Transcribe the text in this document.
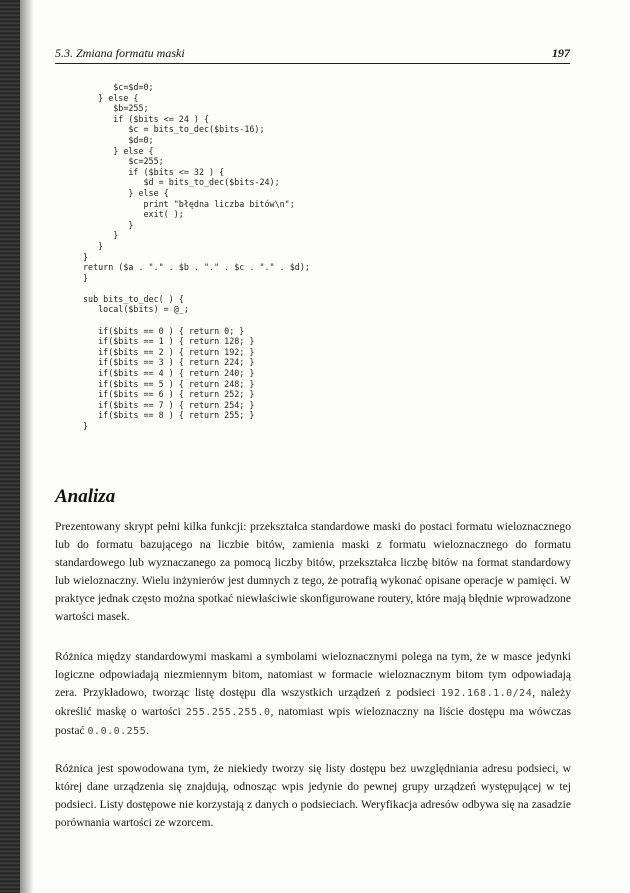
5.3. Zmiana formatu maski	197
$c=$d=0;
} else {
$b=255;
if ($bits <= 24 ) {
$c = bits_to_dec($bits-16);
$d=0;
} else {
$c=255;
if ($bits <= 32 ) {
$d = bits_to_dec($bits-24);
} else {
print "błędna liczba bitów\n";
exit( );
}
}
}
}
return ($a . "." . $b . "." . $c . "." . $d);
}

sub bits_to_dec( ) {
local($bits) = @_;

if($bits == 0 ) { return 0; }
if($bits == 1 ) { return 128; }
if($bits == 2 ) { return 192; }
if($bits == 3 ) { return 224; }
if($bits == 4 ) { return 240; }
if($bits == 5 ) { return 248; }
if($bits == 6 ) { return 252; }
if($bits == 7 ) { return 254; }
if($bits == 8 ) { return 255; }
}

Analiza

Prezentowany skrypt pełni kilka funkcji: przekształca standardowe maski do postaci formatu wieloznacznego lub do formatu bazującego na liczbie bitów, zamienia maski z formatu wieloznacznego do formatu standardowego lub wyznaczanego za pomocą liczby bitów, przekształca liczbę bitów na format standardowy lub wieloznaczny. Wielu inżynierów jest dumnych z tego, że potrafią wykonać opisane operacje w pamięci. W praktyce jednak często można spotkać niewłaściwie skonfigurowane routery, które mają błędnie wprowadzone wartości masek.

Różnica między standardowymi maskami a symbolami wieloznacznymi polega na tym, że w masce jedynki logiczne odpowiadają niezmiennym bitom, natomiast w formacie wieloznacznym bitom tym odpowiadają zera. Przykładowo, tworząc listę dostępu dla wszystkich urządzeń z podsieci 192.168.1.0/24, należy określić maskę o wartości 255.255.255.0, natomiast wpis wieloznaczny na liście dostępu ma wówczas postać 0.0.0.255.

Różnica jest spowodowana tym, że niekiedy tworzy się listy dostępu bez uwzględniania adresu podsieci, w której dane urządzenia się znajdują, odnosząc wpis jedynie do pewnej grupy urządzeń występującej w tej podsieci. Listy dostępowe nie korzystają z danych o podsieciach. Weryfikacja adresów odbywa się na zasadzie porównania wartości ze wzorcem.
